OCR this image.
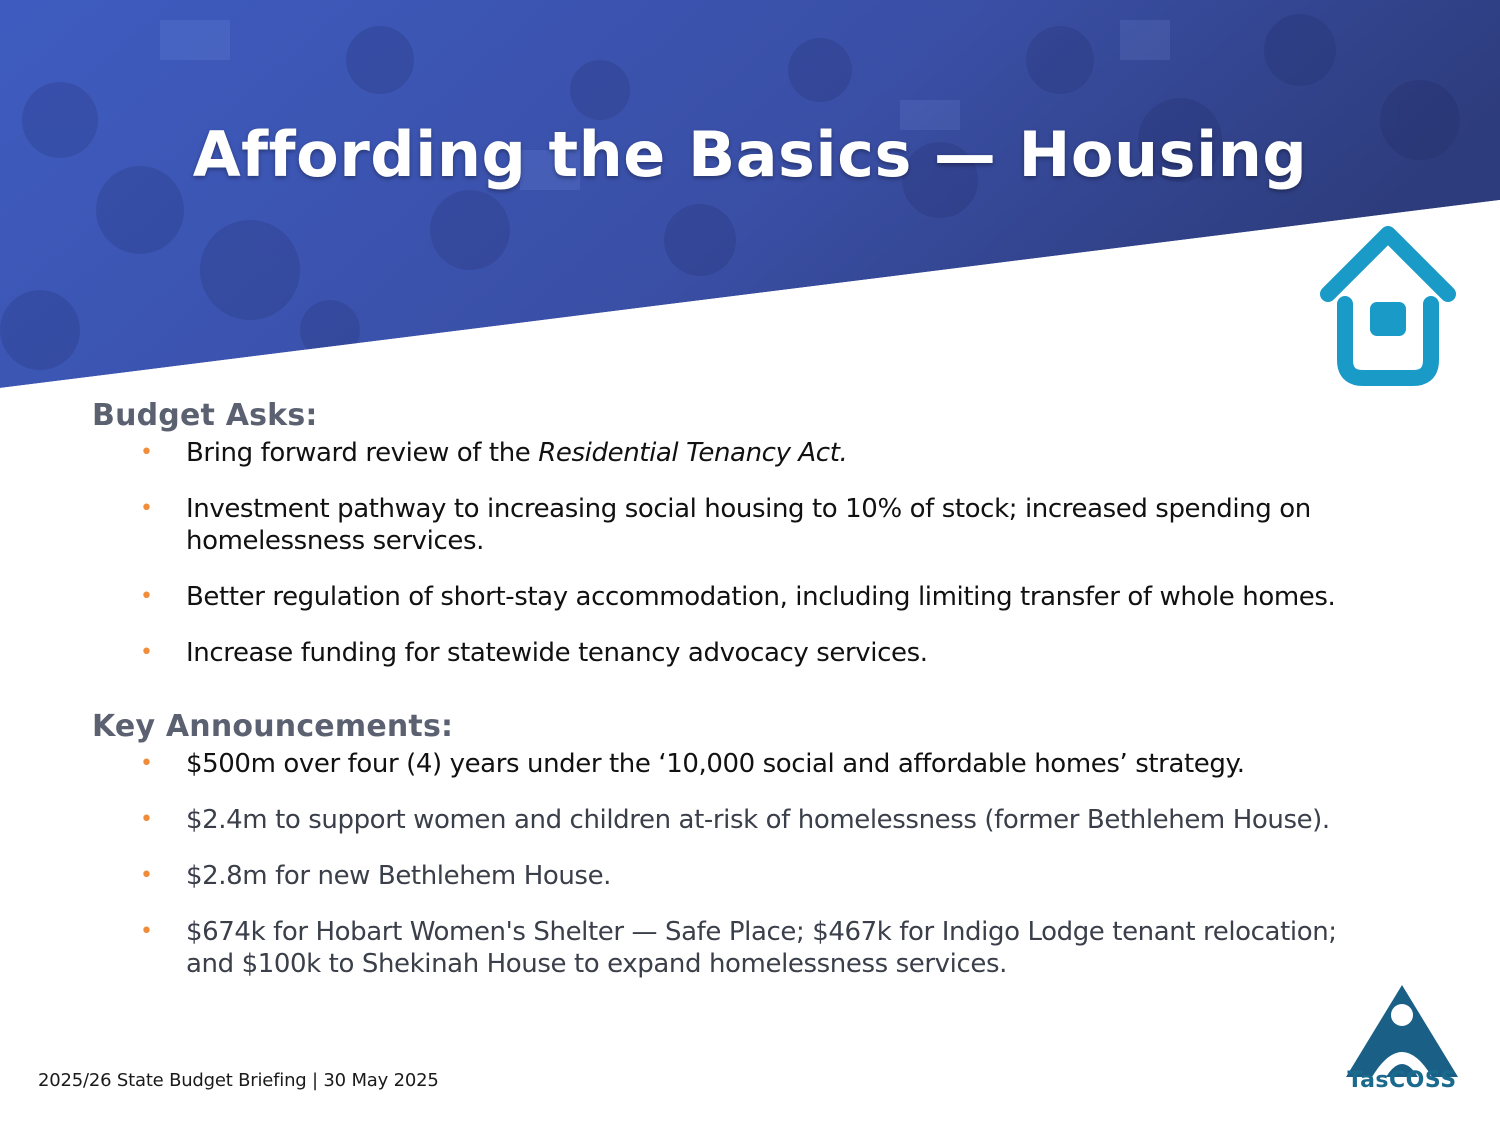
Affording the Basics — Housing
Budget Asks:
• Bring forward review of the Residential Tenancy Act.
• Investment pathway to increasing social housing to 10% of stock; increased spending on homelessness services.
• Better regulation of short-stay accommodation, including limiting transfer of whole homes.
• Increase funding for statewide tenancy advocacy services.
Key Announcements:
• $500m over four (4) years under the ‘10,000 social and affordable homes’ strategy.
• $2.4m to support women and children at-risk of homelessness (former Bethlehem House).
• $2.8m for new Bethlehem House.
• $674k for Hobart Women's Shelter — Safe Place; $467k for Indigo Lodge tenant relocation; and $100k to Shekinah House to expand homelessness services.
2025/26 State Budget Briefing | 30 May 2025	TasCOSS
